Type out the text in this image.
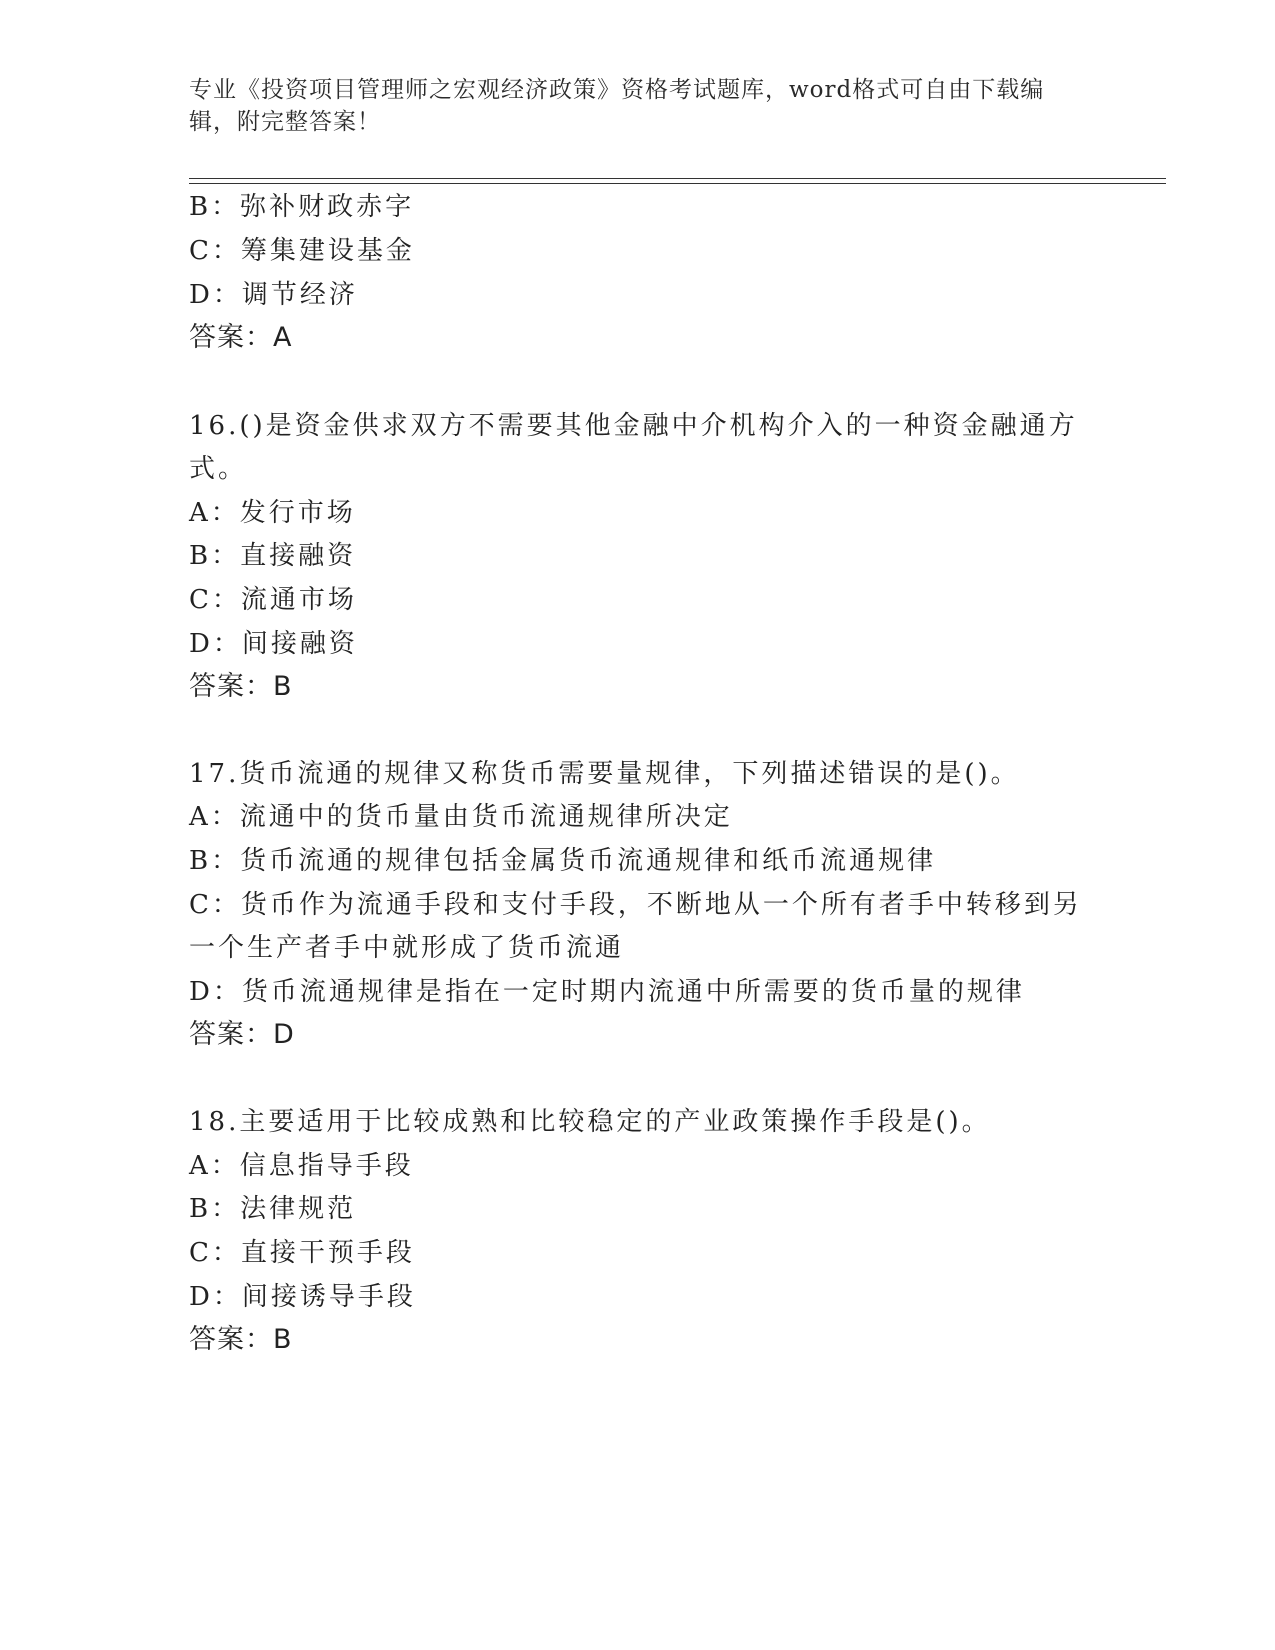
专业《投资项目管理师之宏观经济政策》资格考试题库，word格式可自由下载编
辑，附完整答案！
B：弥补财政赤字
C：筹集建设基金
D：调节经济
答案：A
16.()是资金供求双方不需要其他金融中介机构介入的一种资金融通方
式。
A：发行市场
B：直接融资
C：流通市场
D：间接融资
答案：B
17.货币流通的规律又称货币需要量规律，下列描述错误的是()。
A：流通中的货币量由货币流通规律所决定
B：货币流通的规律包括金属货币流通规律和纸币流通规律
C：货币作为流通手段和支付手段，不断地从一个所有者手中转移到另
一个生产者手中就形成了货币流通
D：货币流通规律是指在一定时期内流通中所需要的货币量的规律
答案：D
18.主要适用于比较成熟和比较稳定的产业政策操作手段是()。
A：信息指导手段
B：法律规范
C：直接干预手段
D：间接诱导手段
答案：B
